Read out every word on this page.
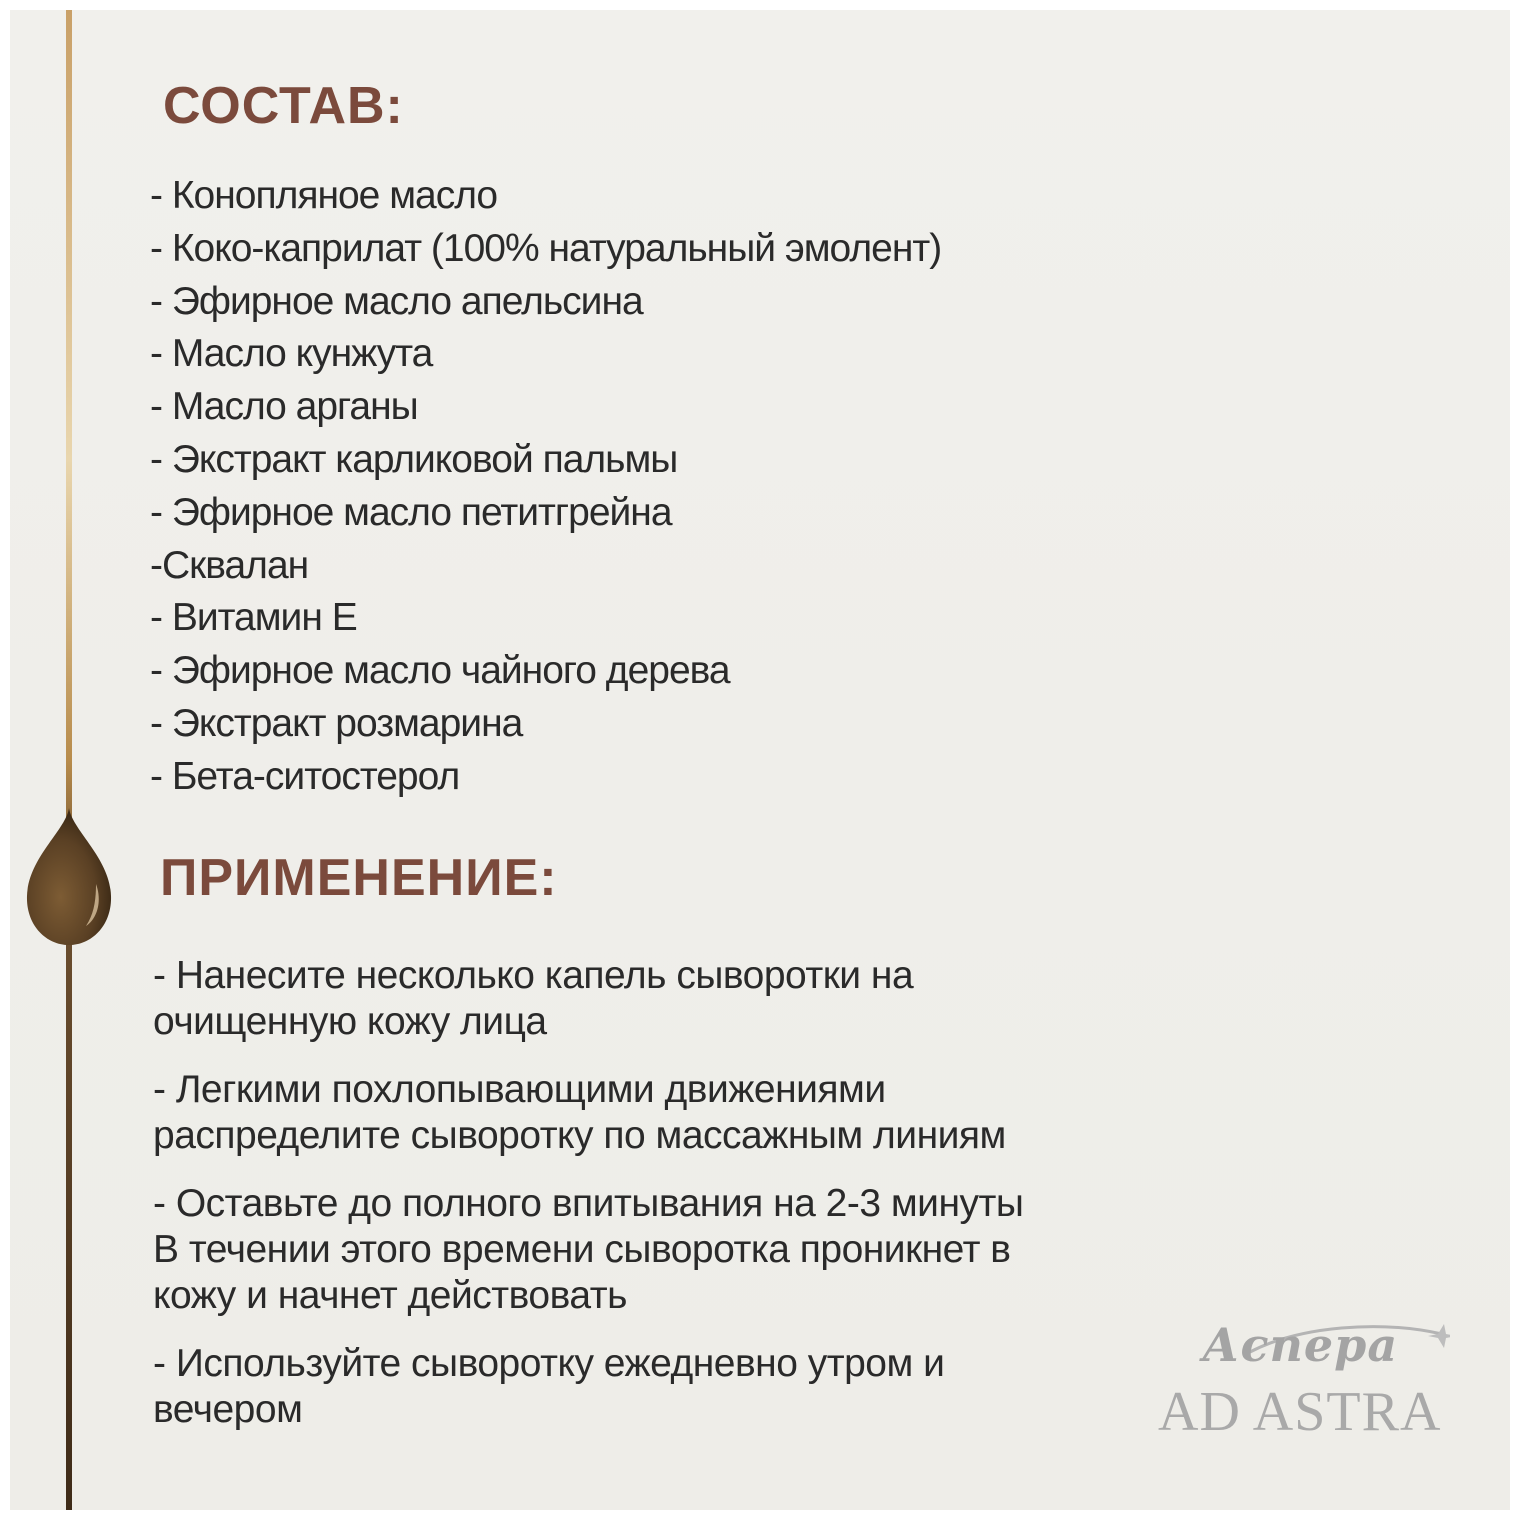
СОСТАВ:
- Конопляное масло
- Коко-каприлат (100% натуральный эмолент)
- Эфирное масло апельсина
- Масло кунжута
- Масло арганы
- Экстракт карликовой пальмы
- Эфирное масло петитгрейна
-Сквалан
- Витамин Е
- Эфирное масло чайного дерева
- Экстракт розмарина
- Бета-ситостерол
ПРИМЕНЕНИЕ:
- Нанесите несколько капель сыворотки на
очищенную кожу лица
- Легкими похлопывающими движениями
распределите сыворотку по массажным линиям
- Оставьте до полного впитывания на 2-3 минуты
В течении этого времени сыворотка проникнет в
кожу и начнет действовать
- Используйте сыворотку ежедневно утром и
вечером

Аспера

AD ASTRA
